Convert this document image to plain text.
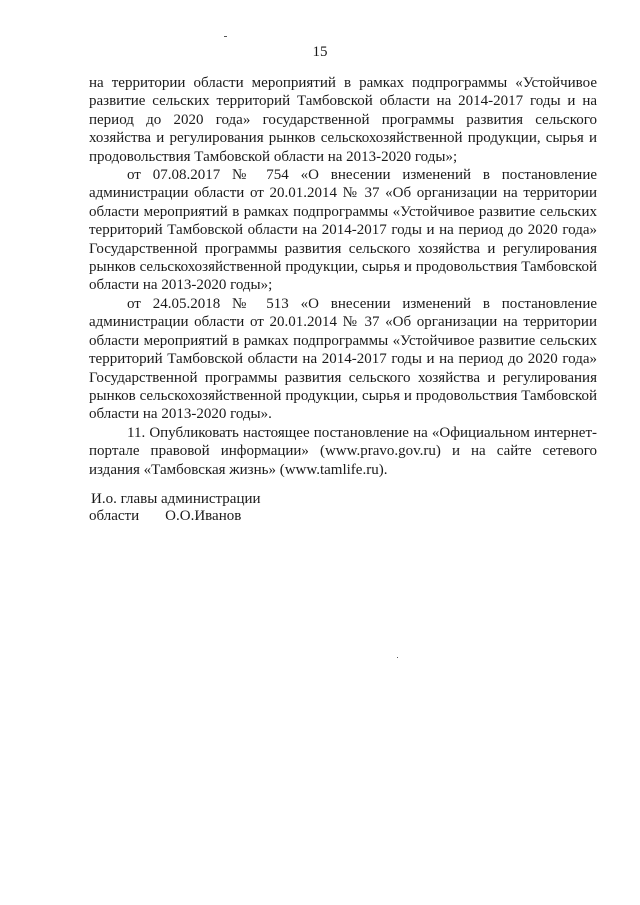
15

на территории области мероприятий в рамках подпрограммы «Устойчивое развитие сельских территорий Тамбовской области на 2014-2017 годы и на период до 2020 года» государственной программы развития сельского хозяйства и регулирования рынков сельскохозяйственной продукции, сырья и продовольствия Тамбовской области на 2013-2020 годы»;

от 07.08.2017 № 754 «О внесении изменений в постановление администрации области от 20.01.2014 № 37 «Об организации на территории области мероприятий в рамках подпрограммы «Устойчивое развитие сельских территорий Тамбовской области на 2014-2017 годы и на период до 2020 года» Государственной программы развития сельского хозяйства и регулирования рынков сельскохозяйственной продукции, сырья и продовольствия Тамбовской области на 2013-2020 годы»;

от 24.05.2018 № 513 «О внесении изменений в постановление администрации области от 20.01.2014 № 37 «Об организации на территории области мероприятий в рамках подпрограммы «Устойчивое развитие сельских территорий Тамбовской области на 2014-2017 годы и на период до 2020 года» Государственной программы развития сельского хозяйства и регулирования рынков сельскохозяйственной продукции, сырья и продовольствия Тамбовской области на 2013-2020 годы».

11. Опубликовать настоящее постановление на «Официальном интернет-портале правовой информации» (www.pravo.gov.ru) и на сайте сетевого издания «Тамбовская жизнь» (www.tamlife.ru).

И.о. главы администрации
области О.О.Иванов
